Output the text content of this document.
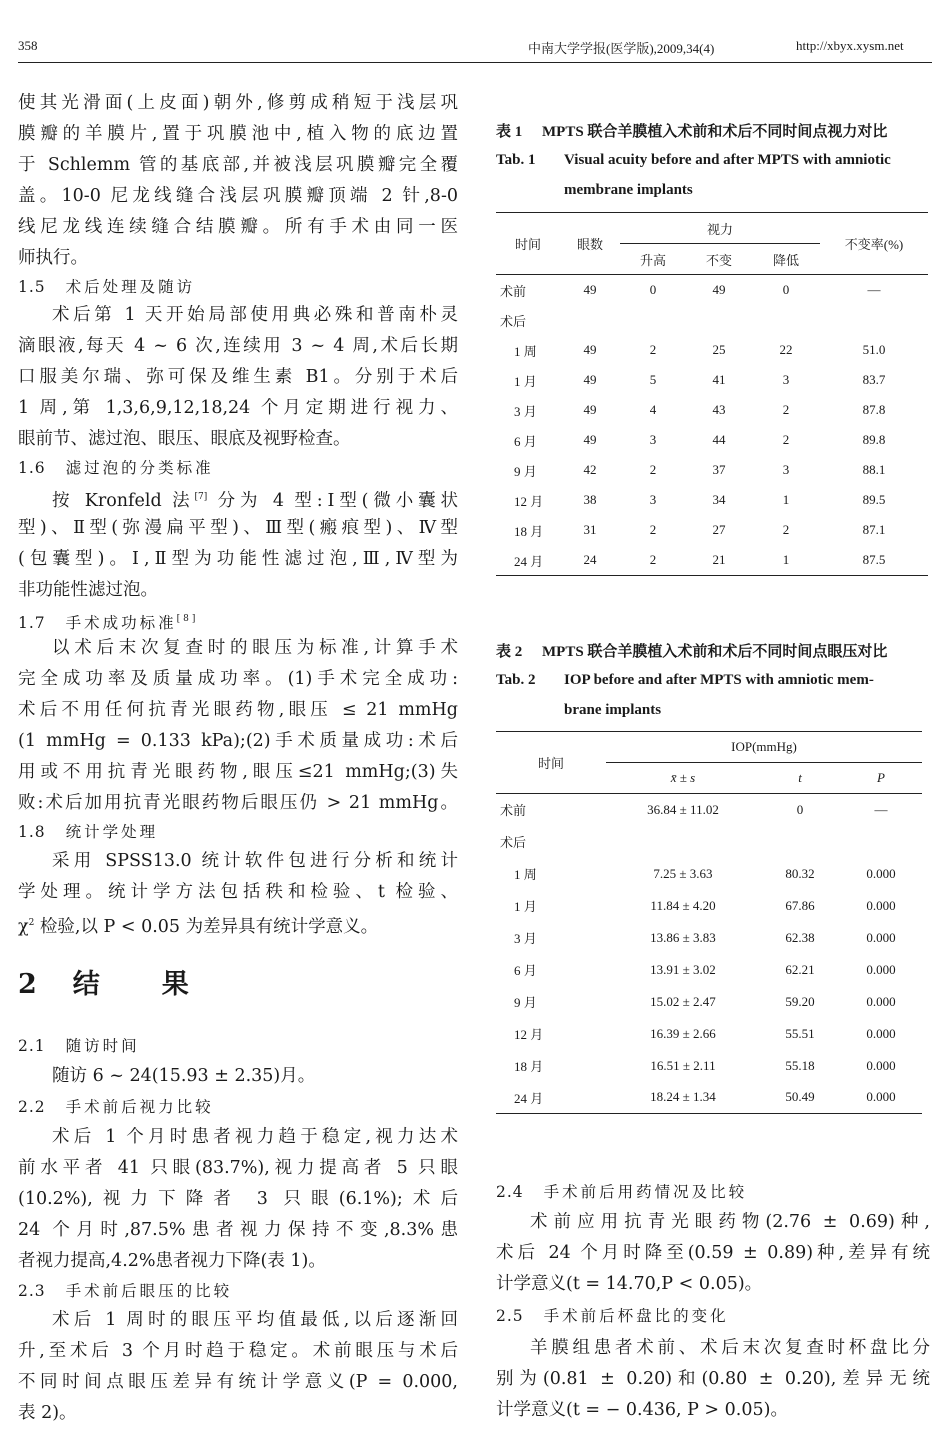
358	中南大学学报(医学版),2009,34(4)	http://xbyx.xysm.net
使其光滑面(上皮面)朝外,修剪成稍短于浅层巩
膜瓣的羊膜片,置于巩膜池中,植入物的底边置
于 Schlemm 管的基底部,并被浅层巩膜瓣完全覆
盖。10-0 尼龙线缝合浅层巩膜瓣顶端 2 针,8-0
线尼龙线连续缝合结膜瓣。所有手术由同一医
师执行。
1.5 术后处理及随访
术后第 1 天开始局部使用典必殊和普南朴灵
滴眼液,每天 4 ~ 6 次,连续用 3 ~ 4 周,术后长期
口服美尔瑞、弥可保及维生素 B1。分别于术后
1 周,第 1,3,6,9,12,18,24 个月定期进行视力、
眼前节、滤过泡、眼压、眼底及视野检查。
1.6 滤过泡的分类标准
按 Kronfeld 法[7] 分为 4 型:Ⅰ型(微小囊状
型)、Ⅱ型(弥漫扁平型)、Ⅲ型(瘢痕型)、Ⅳ型
(包囊型)。Ⅰ,Ⅱ型为功能性滤过泡,Ⅲ,Ⅳ型为
非功能性滤过泡。
1.7 手术成功标准[8]
以术后末次复查时的眼压为标准,计算手术
完全成功率及质量成功率。(1)手术完全成功:
术后不用任何抗青光眼药物,眼压 ≤ 21 mmHg
(1 mmHg = 0.133 kPa);(2)手术质量成功:术后
用或不用抗青光眼药物,眼压≤21 mmHg;(3)失
败:术后加用抗青光眼药物后眼压仍 > 21 mmHg。
1.8 统计学处理
采用 SPSS13.0 统计软件包进行分析和统计
学处理。统计学方法包括秩和检验、t 检验、
$\chi^2$ 检验,以 P < 0.05 为差异具有统计学意义。
2 结 果
2.1 随访时间
随访 6 ~ 24(15.93 ± 2.35)月。
2.2 手术前后视力比较
术后 1 个月时患者视力趋于稳定,视力达术
前水平者 41 只眼(83.7%),视力提高者 5 只眼
(10.2%),视力下降者 3 只眼(6.1%);术后
24 个月时,87.5%患者视力保持不变,8.3%患
者视力提高,4.2%患者视力下降(表 1)。
2.3 手术前后眼压的比较
术后 1 周时的眼压平均值最低,以后逐渐回
升,至术后 3 个月时趋于稳定。术前眼压与术后
不同时间点眼压差异有统计学意义(P = 0.000,
表 2)。
表 1 MPTS 联合羊膜植入术前和术后不同时间点视力对比
Tab. 1 Visual acuity before and after MPTS with amniotic
membrane implants
时间	眼数	视力			不变率(%)
		升高	不变	降低	
术前	49	0	49	0	—
术后					
1 周	49	2	25	22	51.0
1 月	49	5	41	3	83.7
3 月	49	4	43	2	87.8
6 月	49	3	44	2	89.8
9 月	42	2	37	3	88.1
12 月	38	3	34	1	89.5
18 月	31	2	27	2	87.1
24 月	24	2	21	1	87.5
表 2 MPTS 联合羊膜植入术前和术后不同时间点眼压对比
Tab. 2 IOP before and after MPTS with amniotic mem-
brane implants
时间	IOP(mmHg)		
	x̄ ± s	t	P
术前	36.84 ± 11.02	0	—
术后			
1 周	7.25 ± 3.63	80.32	0.000
1 月	11.84 ± 4.20	67.86	0.000
3 月	13.86 ± 3.83	62.38	0.000
6 月	13.91 ± 3.02	62.21	0.000
9 月	15.02 ± 2.47	59.20	0.000
12 月	16.39 ± 2.66	55.51	0.000
18 月	16.51 ± 2.11	55.18	0.000
24 月	18.24 ± 1.34	50.49	0.000
2.4 手术前后用药情况及比较
术前应用抗青光眼药物(2.76 ± 0.69)种,
术后 24 个月时降至(0.59 ± 0.89)种,差异有统
计学意义(t = 14.70,P < 0.05)。
2.5 手术前后杯盘比的变化
羊膜组患者术前、术后末次复查时杯盘比分
别为(0.81 ± 0.20)和(0.80 ± 0.20),差异无统
计学意义(t = − 0.436, P > 0.05)。
